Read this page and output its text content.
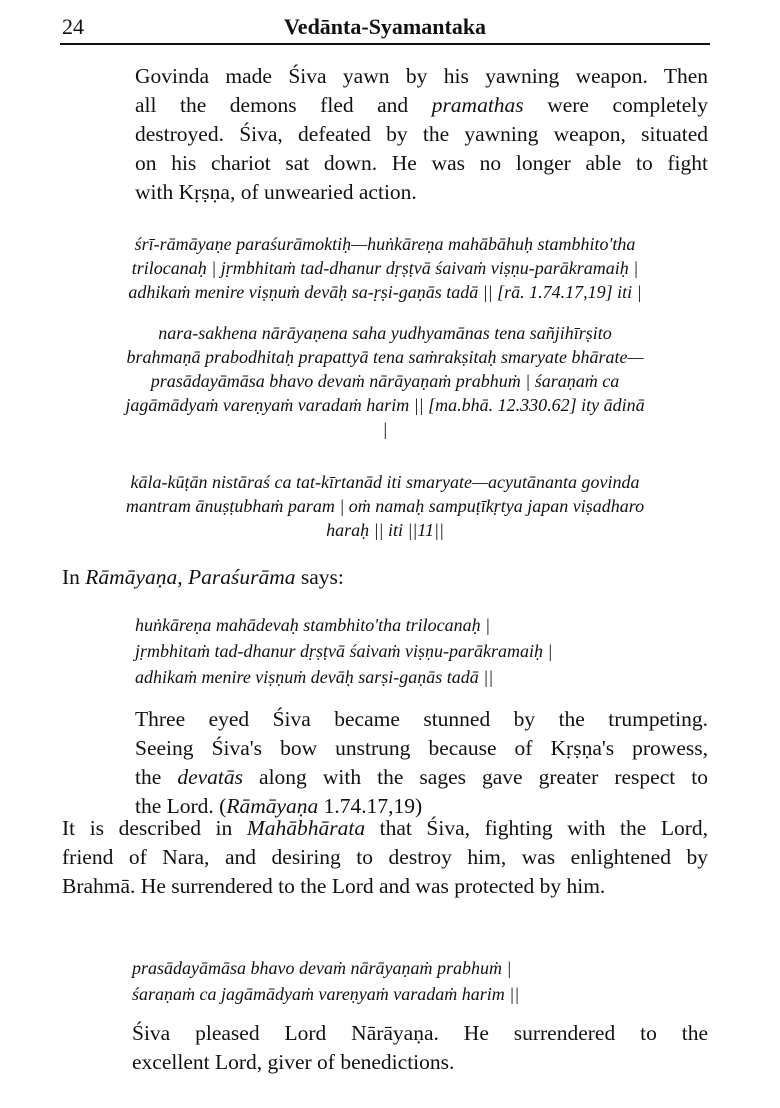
24	Vedānta-Syamantaka
Govinda made Śiva yawn by his yawning weapon. Then
all the demons fled and pramathas were completely
destroyed. Śiva, defeated by the yawning weapon, situated
on his chariot sat down. He was no longer able to fight
with Kṛṣṇa, of unwearied action.
śrī-rāmāyaṇe paraśurāmoktiḥ—huṅkāreṇa mahābāhuḥ stambhito'tha
trilocanaḥ | jṛmbhitaṁ tad-dhanur dṛṣṭvā śaivaṁ viṣṇu-parākramaiḥ |
adhikaṁ menire viṣṇuṁ devāḥ sa-ṛṣi-gaṇās tadā || [rā. 1.74.17,19] iti |
nara-sakhena nārāyaṇena saha yudhyamānas tena sañjihīrṣito
brahmaṇā prabodhitaḥ prapattyā tena saṁrakṣitaḥ smaryate bhārate—
prasādayāmāsa bhavo devaṁ nārāyaṇaṁ prabhuṁ | śaraṇaṁ ca
jagāmādyaṁ vareṇyaṁ varadaṁ harim || [ma.bhā. 12.330.62] ity ādinā
|
kāla-kūṭān nistāraś ca tat-kīrtanād iti smaryate—acyutānanta govinda
mantram ānuṣṭubhaṁ param | oṁ namaḥ sampuṭīkṛtya japan viṣadharo
haraḥ || iti ||11||
In Rāmāyaṇa, Paraśurāma says:
huṅkāreṇa mahādevaḥ stambhito'tha trilocanaḥ |
jṛmbhitaṁ tad-dhanur dṛṣṭvā śaivaṁ viṣṇu-parākramaiḥ |
adhikaṁ menire viṣṇuṁ devāḥ sarṣi-gaṇās tadā ||
Three eyed Śiva became stunned by the trumpeting.
Seeing Śiva's bow unstrung because of Kṛṣṇa's prowess,
the devatās along with the sages gave greater respect to
the Lord. (Rāmāyaṇa 1.74.17,19)
It is described in Mahābhārata that Śiva, fighting with the Lord,
friend of Nara, and desiring to destroy him, was enlightened by
Brahmā. He surrendered to the Lord and was protected by him.
prasādayāmāsa bhavo devaṁ nārāyaṇaṁ prabhuṁ |
śaraṇaṁ ca jagāmādyaṁ vareṇyaṁ varadaṁ harim ||
Śiva pleased Lord Nārāyaṇa. He surrendered to the
excellent Lord, giver of benedictions.
